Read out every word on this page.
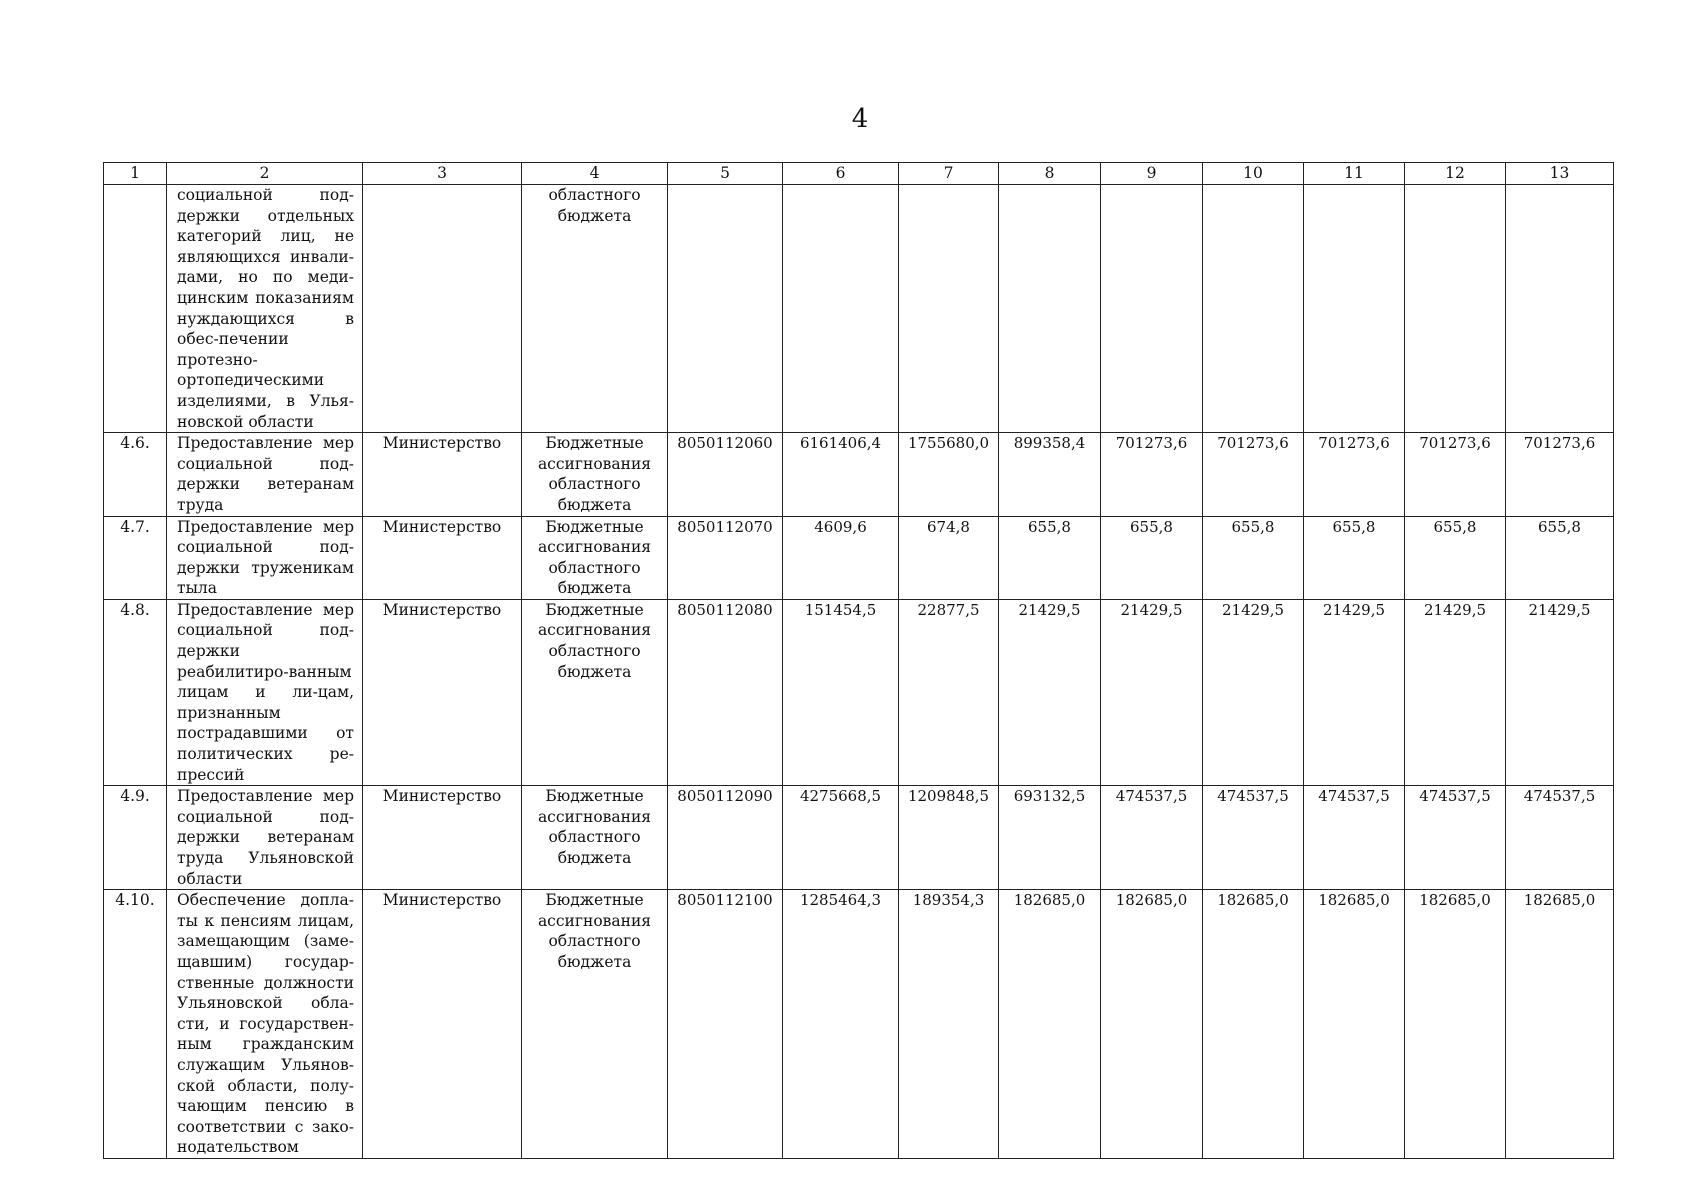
4
1	2	3	4	5	6	7	8	9	10	11	12	13
	социальной под-держки отдельных категорий лиц, не являющихся инвали-дами, но по меди-цинским показаниям нуждающихся в обес-печении протезно-ортопедическими изделиями, в Улья-новской области		областного бюджета									
4.6.	Предоставление мер социальной под-держки ветеранам труда	Министерство	Бюджетные ассигнования областного бюджета	8050112060	6161406,4	1755680,0	899358,4	701273,6	701273,6	701273,6	701273,6	701273,6
4.7.	Предоставление мер социальной под-держки труженикам тыла	Министерство	Бюджетные ассигнования областного бюджета	8050112070	4609,6	674,8	655,8	655,8	655,8	655,8	655,8	655,8
4.8.	Предоставление мер социальной под-держки реабилитиро-ванным лицам и ли-цам, признанным пострадавшими от политических ре-прессий	Министерство	Бюджетные ассигнования областного бюджета	8050112080	151454,5	22877,5	21429,5	21429,5	21429,5	21429,5	21429,5	21429,5
4.9.	Предоставление мер социальной под-держки ветеранам труда Ульяновской области	Министерство	Бюджетные ассигнования областного бюджета	8050112090	4275668,5	1209848,5	693132,5	474537,5	474537,5	474537,5	474537,5	474537,5
4.10.	Обеспечение допла-ты к пенсиям лицам, замещающим (заме-щавшим) государ-ственные должности Ульяновской обла-сти, и государствен-ным гражданским служащим Ульянов-ской области, полу-чающим пенсию в соответствии с зако-нодательством	Министерство	Бюджетные ассигнования областного бюджета	8050112100	1285464,3	189354,3	182685,0	182685,0	182685,0	182685,0	182685,0	182685,0
